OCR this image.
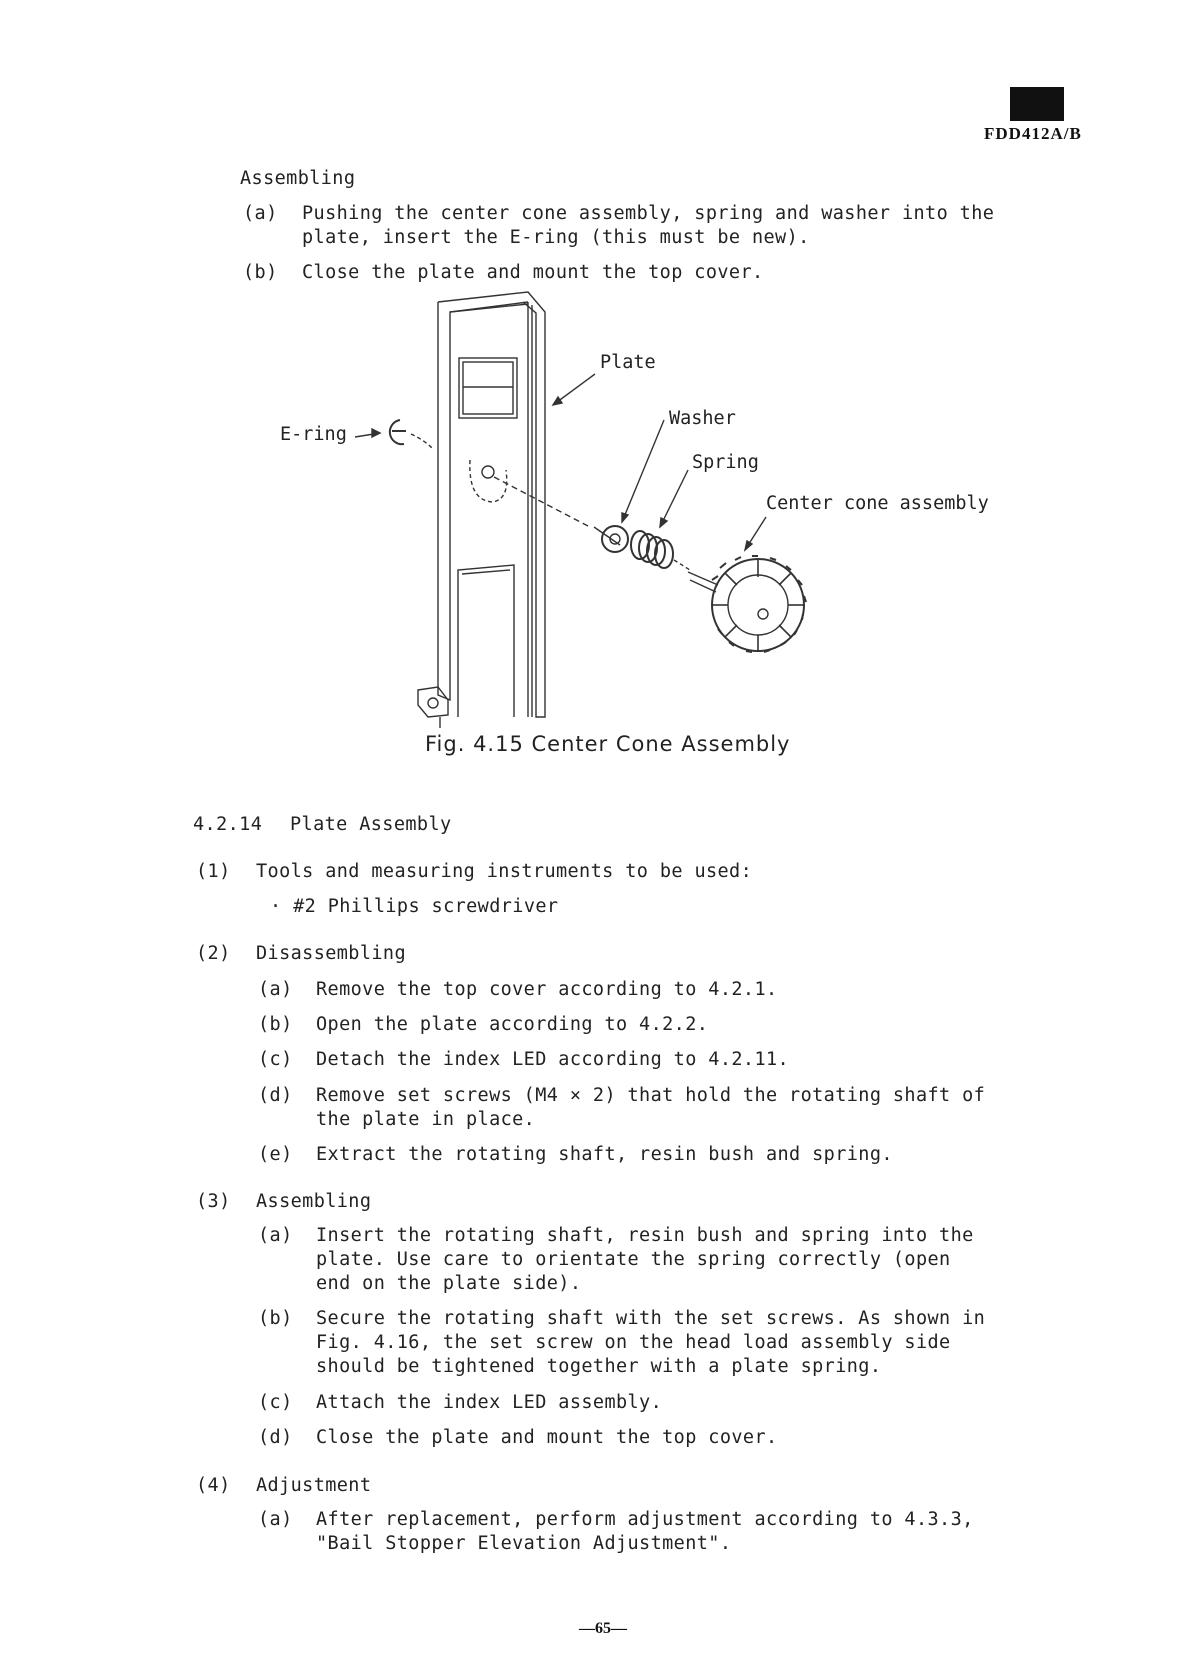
FDD412A/B
Assembling
(a) Pushing the center cone assembly, spring and washer into the
plate, insert the E-ring (this must be new).
(b) Close the plate and mount the top cover.
Plate
Washer
Spring
Center cone assembly
E-ring
Fig. 4.15 Center Cone Assembly
4.2.14 Plate Assembly
(1) Tools and measuring instruments to be used:
· #2 Phillips screwdriver
(2) Disassembling
(a) Remove the top cover according to 4.2.1.
(b) Open the plate according to 4.2.2.
(c) Detach the index LED according to 4.2.11.
(d) Remove set screws (M4 × 2) that hold the rotating shaft of
the plate in place.
(e) Extract the rotating shaft, resin bush and spring.
(3) Assembling
(a) Insert the rotating shaft, resin bush and spring into the
plate. Use care to orientate the spring correctly (open
end on the plate side).
(b) Secure the rotating shaft with the set screws. As shown in
Fig. 4.16, the set screw on the head load assembly side
should be tightened together with a plate spring.
(c) Attach the index LED assembly.
(d) Close the plate and mount the top cover.
(4) Adjustment
(a) After replacement, perform adjustment according to 4.3.3,
"Bail Stopper Elevation Adjustment".
—65—
